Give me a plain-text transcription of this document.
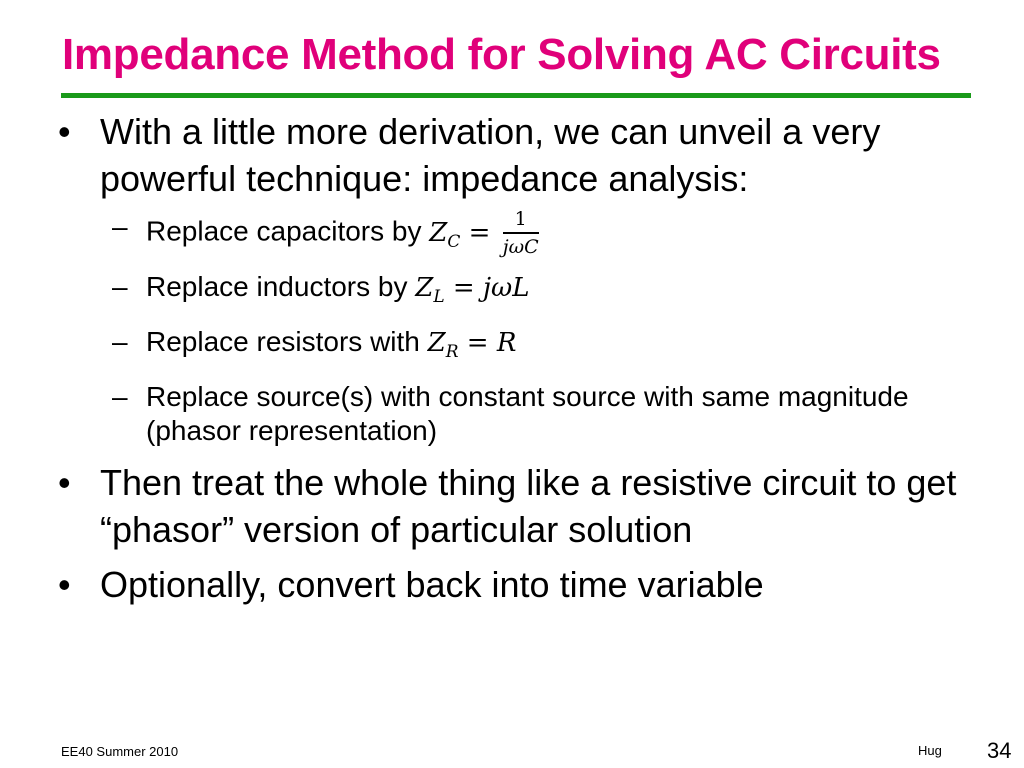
Impedance Method for Solving AC Circuits
• With a little more derivation, we can unveil a very powerful technique: impedance analysis:
– Replace capacitors by $Z_C = \frac{1}{\text{jωC}}$
– Replace inductors by $Z_L = j\omega L$
– Replace resistors with $Z_R = R$
– Replace source(s) with constant source with same magnitude (phasor representation)
• Then treat the whole thing like a resistive circuit to get “phasor” version of particular solution
• Optionally, convert back into time variable
EE40 Summer 2010	Hug 34
